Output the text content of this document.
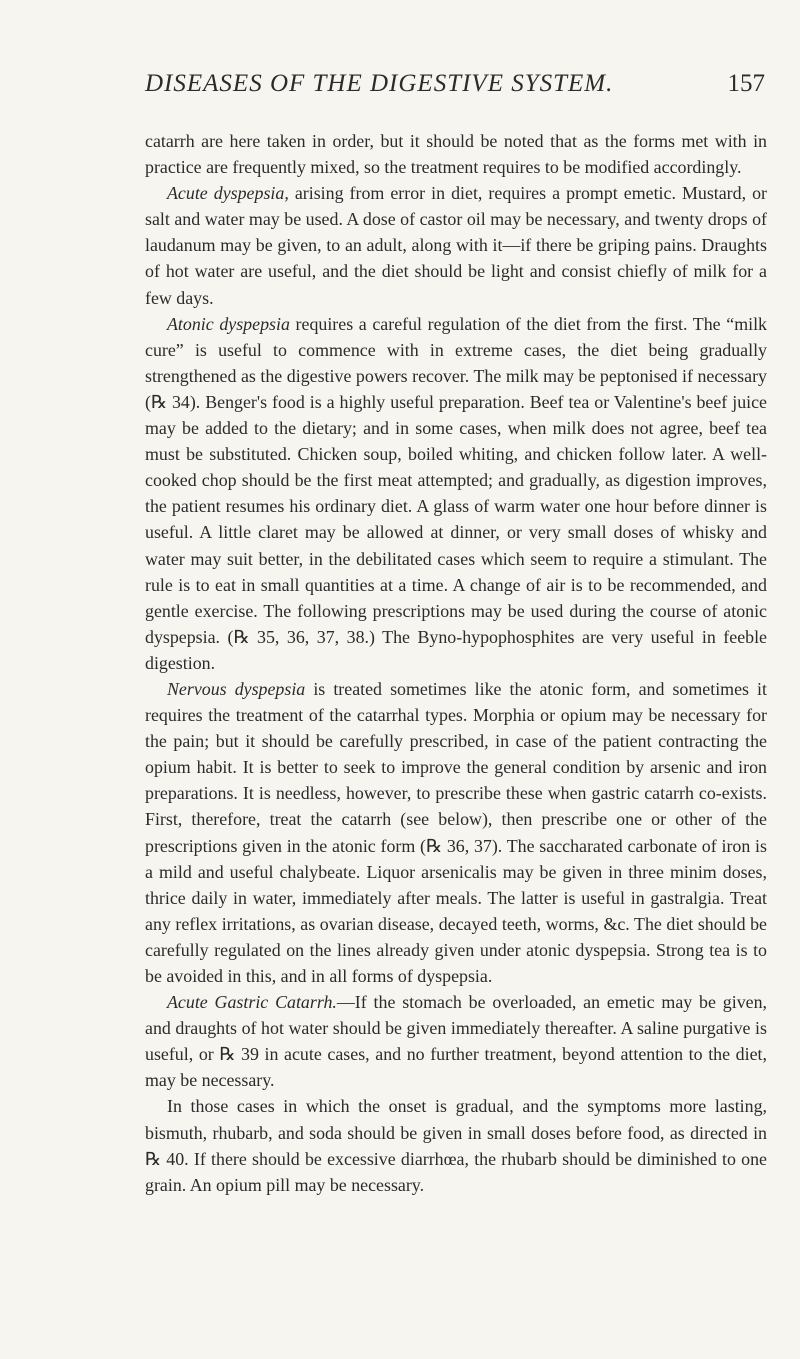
DISEASES OF THE DIGESTIVE SYSTEM.	157

catarrh are here taken in order, but it should be noted that as the forms met with in practice are frequently mixed, so the treatment requires to be modified accordingly.

Acute dyspepsia, arising from error in diet, requires a prompt emetic. Mustard, or salt and water may be used. A dose of castor oil may be necessary, and twenty drops of laudanum may be given, to an adult, along with it—if there be griping pains. Draughts of hot water are useful, and the diet should be light and consist chiefly of milk for a few days.

Atonic dyspepsia requires a careful regulation of the diet from the first. The “milk cure” is useful to commence with in extreme cases, the diet being gradually strengthened as the digestive powers recover. The milk may be peptonised if necessary (℞ 34). Benger's food is a highly useful preparation. Beef tea or Valentine's beef juice may be added to the dietary; and in some cases, when milk does not agree, beef tea must be substituted. Chicken soup, boiled whiting, and chicken follow later. A well-cooked chop should be the first meat attempted; and gradually, as digestion improves, the patient resumes his ordinary diet. A glass of warm water one hour before dinner is useful. A little claret may be allowed at dinner, or very small doses of whisky and water may suit better, in the debilitated cases which seem to require a stimulant. The rule is to eat in small quantities at a time. A change of air is to be recommended, and gentle exercise. The following prescriptions may be used during the course of atonic dyspepsia. (℞ 35, 36, 37, 38.) The Byno-hypophosphites are very useful in feeble digestion.

Nervous dyspepsia is treated sometimes like the atonic form, and sometimes it requires the treatment of the catarrhal types. Morphia or opium may be necessary for the pain; but it should be carefully prescribed, in case of the patient contracting the opium habit. It is better to seek to improve the general condition by arsenic and iron preparations. It is needless, however, to prescribe these when gastric catarrh co-exists. First, therefore, treat the catarrh (see below), then prescribe one or other of the prescriptions given in the atonic form (℞ 36, 37). The saccharated carbonate of iron is a mild and useful chalybeate. Liquor arsenicalis may be given in three minim doses, thrice daily in water, immediately after meals. The latter is useful in gastralgia. Treat any reflex irritations, as ovarian disease, decayed teeth, worms, &c. The diet should be carefully regulated on the lines already given under atonic dyspepsia. Strong tea is to be avoided in this, and in all forms of dyspepsia.

Acute Gastric Catarrh.—If the stomach be overloaded, an emetic may be given, and draughts of hot water should be given immediately thereafter. A saline purgative is useful, or ℞ 39 in acute cases, and no further treatment, beyond attention to the diet, may be necessary.

In those cases in which the onset is gradual, and the symptoms more lasting, bismuth, rhubarb, and soda should be given in small doses before food, as directed in ℞ 40. If there should be excessive diarrhœa, the rhubarb should be diminished to one grain. An opium pill may be necessary.
